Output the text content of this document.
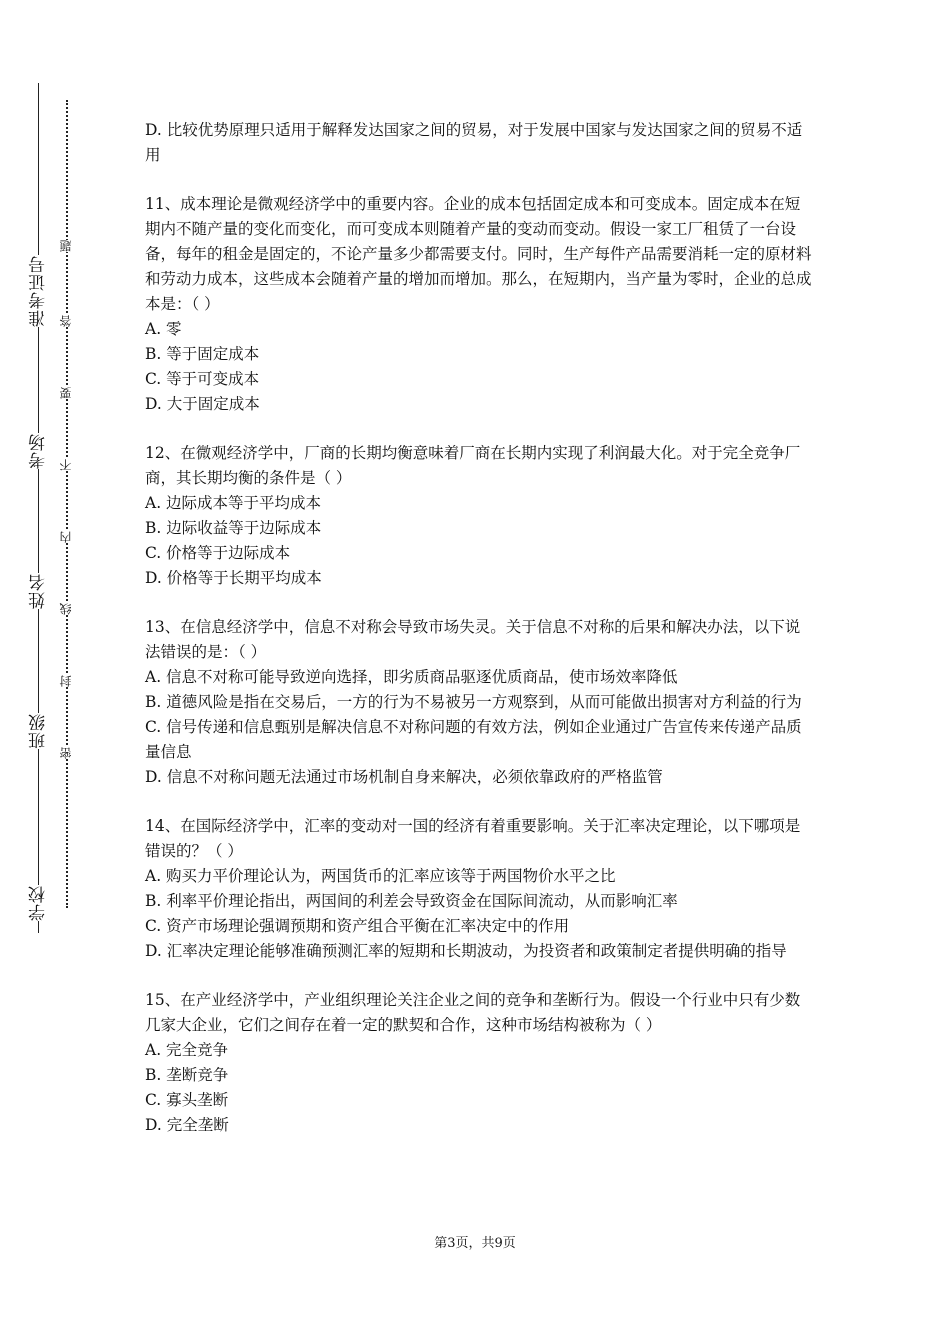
准考证号
考场
姓名
班级
学校
题
答
要
不
内
线
封
密

D. 比较优势原理只适用于解释发达国家之间的贸易，对于发展中国家与发达国家之间的贸易不适用

11、成本理论是微观经济学中的重要内容。企业的成本包括固定成本和可变成本。固定成本在短期内不随产量的变化而变化，而可变成本则随着产量的变动而变动。假设一家工厂租赁了一台设备，每年的租金是固定的，不论产量多少都需要支付。同时，生产每件产品需要消耗一定的原材料和劳动力成本，这些成本会随着产量的增加而增加。那么，在短期内，当产量为零时，企业的总成本是：（ ）

A. 零

B. 等于固定成本

C. 等于可变成本

D. 大于固定成本

12、在微观经济学中，厂商的长期均衡意味着厂商在长期内实现了利润最大化。对于完全竞争厂商，其长期均衡的条件是（ ）

A. 边际成本等于平均成本

B. 边际收益等于边际成本

C. 价格等于边际成本

D. 价格等于长期平均成本

13、在信息经济学中，信息不对称会导致市场失灵。关于信息不对称的后果和解决办法，以下说法错误的是：（ ）

A. 信息不对称可能导致逆向选择，即劣质商品驱逐优质商品，使市场效率降低

B. 道德风险是指在交易后，一方的行为不易被另一方观察到，从而可能做出损害对方利益的行为

C. 信号传递和信息甄别是解决信息不对称问题的有效方法，例如企业通过广告宣传来传递产品质量信息

D. 信息不对称问题无法通过市场机制自身来解决，必须依靠政府的严格监管

14、在国际经济学中，汇率的变动对一国的经济有着重要影响。关于汇率决定理论，以下哪项是错误的？（ ）

A. 购买力平价理论认为，两国货币的汇率应该等于两国物价水平之比

B. 利率平价理论指出，两国间的利差会导致资金在国际间流动，从而影响汇率

C. 资产市场理论强调预期和资产组合平衡在汇率决定中的作用

D. 汇率决定理论能够准确预测汇率的短期和长期波动，为投资者和政策制定者提供明确的指导

15、在产业经济学中，产业组织理论关注企业之间的竞争和垄断行为。假设一个行业中只有少数几家大企业，它们之间存在着一定的默契和合作，这种市场结构被称为（ ）

A. 完全竞争

B. 垄断竞争

C. 寡头垄断

D. 完全垄断

第3页，共9页
